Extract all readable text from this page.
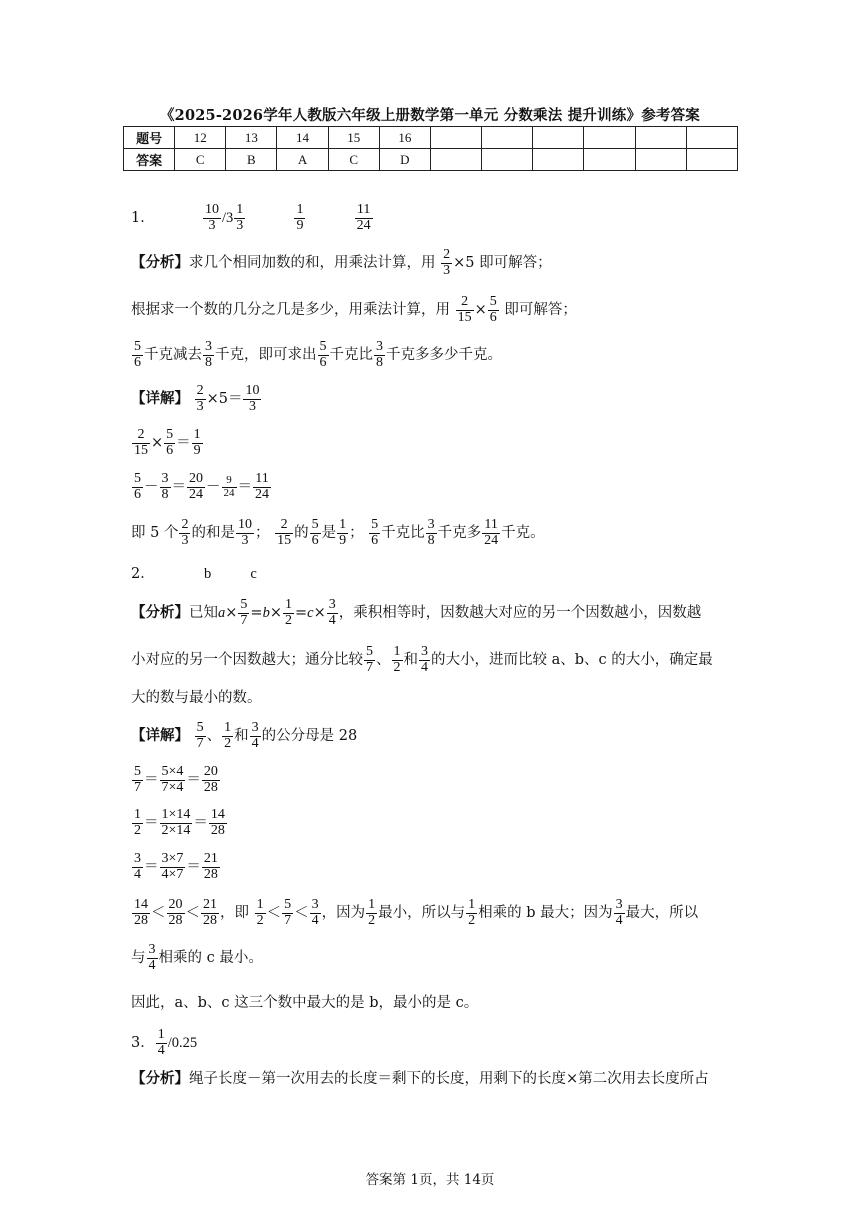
《2025-2026学年人教版六年级上册数学第一单元 分数乘法 提升训练》参考答案
题号	12	13	14	15	16						
答案	C	B	A	C	D						
1．	$\frac{10}{3} /3 \frac{1}{3}$
	$\frac{1}{9}$
	$\frac{11}{24}$
【分析】求几个相同加数的和，用乘法计算，用 $\frac{2}{3} \times 5$ 即可解答；
根据求一个数的几分之几是多少，用乘法计算，用 $\frac{2}{15} \times \frac{5}{6}$ 即可解答；
$\frac{5}{6}$ 千克减去 $\frac{3}{8}$ 千克，即可求出 $\frac{5}{6}$ 千克比 $\frac{3}{8}$ 千克多多少千克。
【详解】 $\frac{2}{3} \times 5= \frac{10}{3}$
$\frac{2}{15} \times \frac{5}{6} = \frac{1}{9}$
$\frac{5}{6} - \frac{3}{8} = \frac{20}{24} - \frac{9}{24} = \frac{11}{24}$
即 5 个 $\frac{2}{3}$ 的和是 $\frac{10}{3}$ ； $\frac{2}{15}$ 的 $\frac{5}{6}$ 是 $\frac{1}{9}$ ； $\frac{5}{6}$ 千克比 $\frac{3}{8}$ 千克多 $\frac{11}{24}$ 千克。
2．	b	c
【分析】已知$a\times \frac{5}{7} =b\times \frac{1}{2} =c\times \frac{3}{4}$ ，乘积相等时，因数越大对应的另一个因数越小，因数越
小对应的另一个因数越大；通分比较 $\frac{5}{7}$ 、 $\frac{1}{2}$ 和 $\frac{3}{4}$ 的大小，进而比较 a、b、c 的大小，确定最
大的数与最小的数。
【详解】 $\frac{5}{7}$ 、 $\frac{1}{2}$ 和 $\frac{3}{4}$ 的公分母是 28
$\frac{5}{7} = \frac{5\times 4}{7\times 4} = \frac{20}{28}$
$\frac{1}{2} = \frac{1\times 14}{2\times 14} = \frac{14}{28}$
$\frac{3}{4} = \frac{3\times 7}{4\times 7} = \frac{21}{28}$
$\frac{14}{28} < \frac{20}{28} < \frac{21}{28}$ ，即 $\frac{1}{2} < \frac{5}{7} < \frac{3}{4}$ ，因为 $\frac{1}{2}$ 最小，所以与 $\frac{1}{2}$ 相乘的 b 最大；因为 $\frac{3}{4}$ 最大，所以
与 $\frac{3}{4}$ 相乘的 c 最小。
因此，a、b、c 这三个数中最大的是 b，最小的是 c。
3． $\frac{1}{4} /0.25$
【分析】绳子长度－第一次用去的长度＝剩下的长度，用剩下的长度×第二次用去长度所占
答案第 1页，共 14页
